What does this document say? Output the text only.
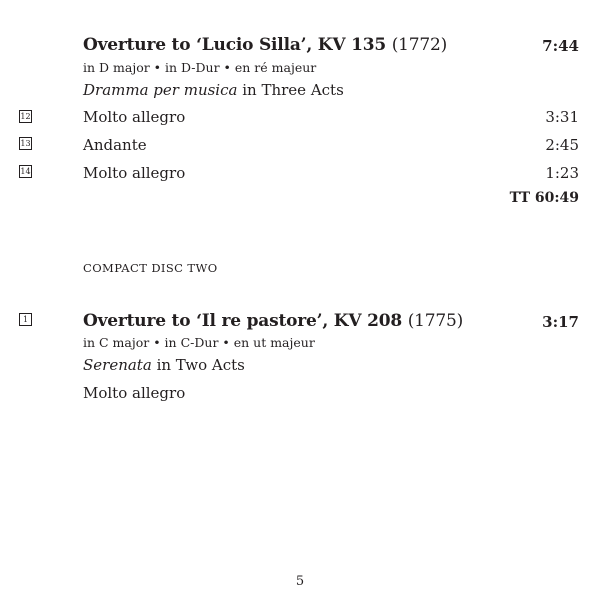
Overture to ‘Lucio Silla’, KV 135 (1772)	7:44
in D major • in D-Dur • en ré majeur
Dramma per musica in Three Acts
12	Molto allegro	3:31
13	Andante	2:45
14	Molto allegro	1:23
TT 60:49
COMPACT DISC TWO
1	Overture to ‘Il re pastore’, KV 208 (1775)	3:17
in C major • in C-Dur • en ut majeur
Serenata in Two Acts
Molto allegro
5
